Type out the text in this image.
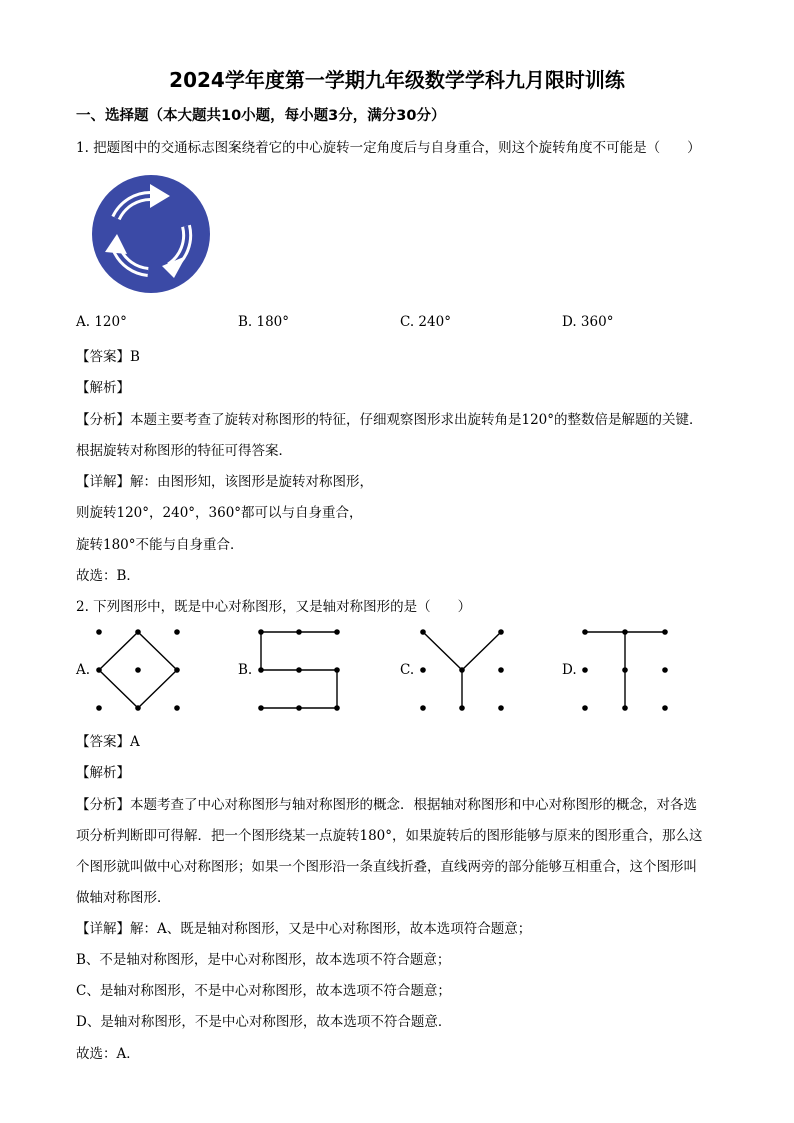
2024学年度第一学期九年级数学学科九月限时训练
一、选择题（本大题共10小题，每小题3分，满分30分）
1. 把题图中的交通标志图案绕着它的中心旋转一定角度后与自身重合，则这个旋转角度不可能是（　　）
A. 120°	B. 180°	C. 240°	D. 360°
【答案】B
【解析】
【分析】本题主要考查了旋转对称图形的特征，仔细观察图形求出旋转角是120°的整数倍是解题的关键．
根据旋转对称图形的特征可得答案．
【详解】解：由图形知，该图形是旋转对称图形，
则旋转120°，240°，360°都可以与自身重合，
旋转180°不能与自身重合．
故选：B．
2. 下列图形中，既是中心对称图形，又是轴对称图形的是（　　）
A.	B.	C.	D.
【答案】A
【解析】
【分析】本题考查了中心对称图形与轴对称图形的概念．根据轴对称图形和中心对称图形的概念，对各选
项分析判断即可得解．把一个图形绕某一点旋转180°，如果旋转后的图形能够与原来的图形重合，那么这
个图形就叫做中心对称图形；如果一个图形沿一条直线折叠，直线两旁的部分能够互相重合，这个图形叫
做轴对称图形．
【详解】解：A、既是轴对称图形，又是中心对称图形，故本选项符合题意；
B、不是轴对称图形，是中心对称图形，故本选项不符合题意；
C、是轴对称图形，不是中心对称图形，故本选项不符合题意；
D、是轴对称图形，不是中心对称图形，故本选项不符合题意．
故选：A．
